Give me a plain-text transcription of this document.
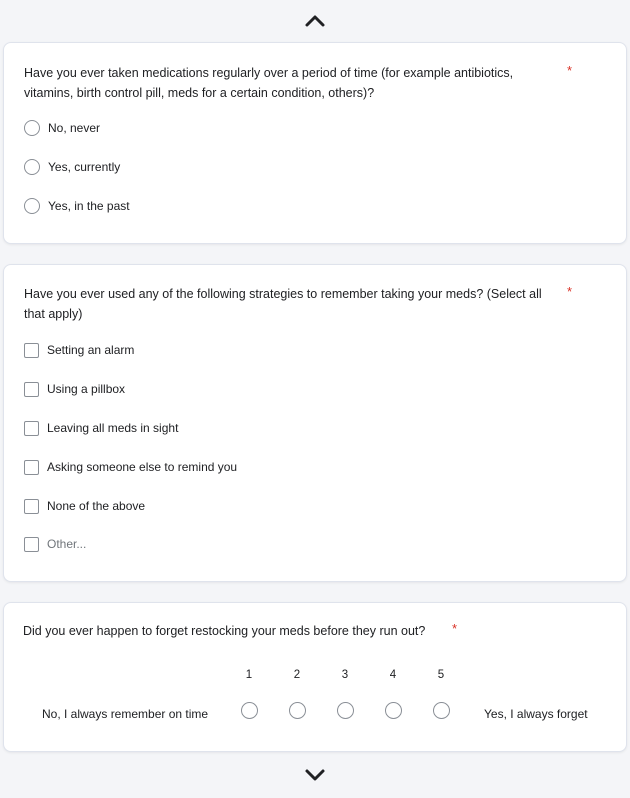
Have you ever taken medications regularly over a period of time (for example antibiotics, vitamins, birth control pill, meds for a certain condition, others)?
*
No, never
Yes, currently
Yes, in the past
Have you ever used any of the following strategies to remember taking your meds? (Select all that apply)
*
Setting an alarm
Using a pillbox
Leaving all meds in sight
Asking someone else to remind you
None of the above
Other...
Did you ever happen to forget restocking your meds before they run out?	*
1	2	3	4	5
No, I always remember on time	Yes, I always forget
